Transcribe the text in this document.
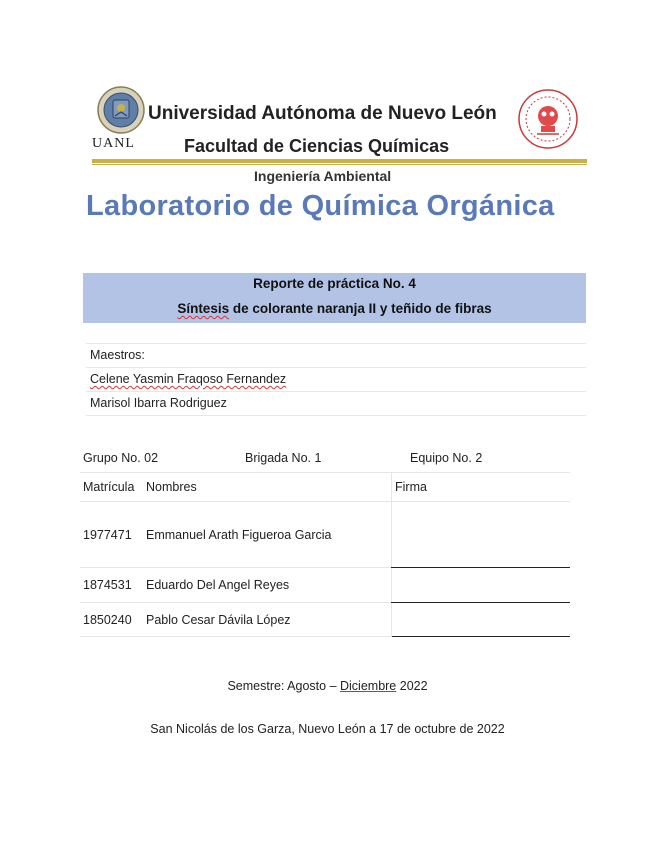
UANL
Universidad Autónoma de Nuevo León
Facultad de Ciencias Químicas
Ingeniería Ambiental
Laboratorio de Química Orgánica
Reporte de práctica No. 4
Síntesis de colorante naranja II y teñido de fibras
Maestros:
Celene Yasmin Fraqoso Fernandez
Marisol Ibarra Rodriguez
Grupo No. 02	Brigada No. 1	Equipo No. 2
Matrícula	Nombres	Firma
1977471	Emmanuel Arath Figueroa Garcia	
1874531	Eduardo Del Angel Reyes	
1850240	Pablo Cesar Dávila López	
Semestre: Agosto – Diciembre 2022
San Nicolás de los Garza, Nuevo León a 17 de octubre de 2022
